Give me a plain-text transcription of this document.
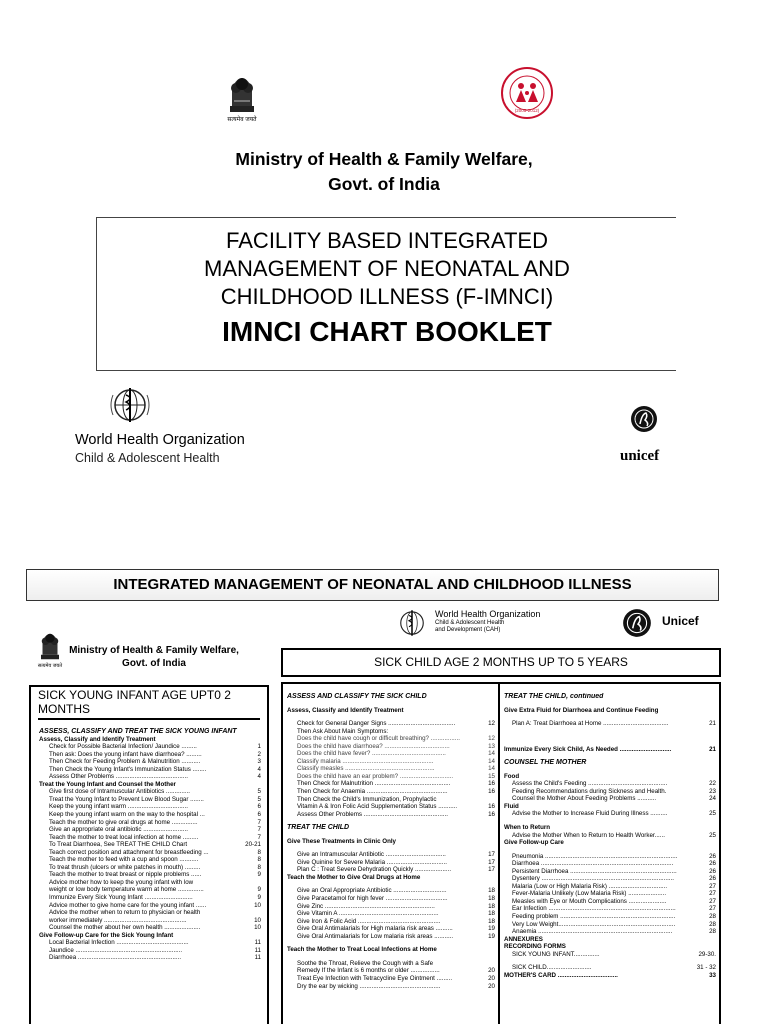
सत्यमेव जयते
(2005-2012)
Ministry of Health & Family Welfare,
Govt. of India
FACILITY BASED INTEGRATED
MANAGEMENT OF NEONATAL AND
CHILDHOOD ILLNESS (F-IMNCI)
IMNCI CHART BOOKLET
World Health Organization
Child & Adolescent Health	unicef
INTEGRATED MANAGEMENT OF NEONATAL AND CHILDHOOD ILLNESS
सत्यमेव जयते
Ministry of Health & Family Welfare,
Govt. of India
World Health Organization
Child & Adolescent Health
and Development (CAH)
Unicef
SICK CHILD AGE 2 MONTHS UP TO 5 YEARS
SICK YOUNG INFANT AGE UPT0 2 MONTHS
ASSESS, CLASSIFY AND TREAT THE SICK YOUNG INFANT
Assess, Classify and Identify Treatment
Check for Possible Bacterial Infection/ Jaundice .........	1
Then ask: Does the young infant have diarrhoea? .........	2
Then Check for Feeding Problem & Malnutrition ...........	3
Then Check the Young Infant's Immunization Status ........	4
Assess Other Problems ..........................................	4
Treat the Young Infant and Counsel the Mother
Give first dose of Intramuscular Antibiotics ..............	5
Treat the Young Infant to Prevent Low Blood Sugar ........	5
Keep the young infant warm ...................................	6
Keep the young infant warm on the way to the hospital ...	6
Teach the mother to give oral drugs at home ...............	7
Give an appropriate oral antibiotic ..........................	7
Teach the mother to treat local infection at home .........	7
To Treat Diarrhoea, See TREAT THE CHILD Chart	20-21
Teach correct position and attachment for breastfeeding ...	8
Teach the mother to feed with a cup and spoon ...........	8
To treat thrush (ulcers or white patches in mouth) .........	8
Teach the mother to treat breast or nipple problems ......	9
Advice mother how to keep the young infant with low
weight or low body temperature warm at home ...............	9
Immunize Every Sick Young Infant ............................	9
Advice mother to give home care for the young infant ......	10
Advice the mother when to return to physician or health
worker immediately ................................................	10
Counsel the mother about her own health .....................	10
Give Follow-up Care for the Sick Young Infant
Local Bacterial Infection ..........................................	11
Jaundice ..............................................................	11
Diarrhoea ............................................................	11
ASSESS AND CLASSIFY THE SICK CHILD
Assess, Classify and Identify Treatment
Check for General Danger Signs .......................................	12
Then Ask About Main Symptoms:
Does the child have cough or difficult breathing? .................	12
Does the child have diarrhoea? ......................................	13
Does the child have fever? ...........................................	14
Classify malaria .....................................................	14
Classify measles ....................................................	14
Does the child have an ear problem? ...............................	15
Then Check for Malnutrition ............................................	16
Then Check for Anaemia ...............................................	16
Then Check the Child's Immunization, Prophylactic
Vitamin A & Iron Folic Acid Supplementation Status ...........	16
Assess Other Problems .................................................	16
TREAT THE CHILD
Give These Treatments in Clinic Only
Give an Intramuscular Antibiotic ...................................	17
Give Quinine for Severe Malaria ...................................	17
Plan C : Treat Severe Dehydration Quickly .....................	17
Teach the Mother to Give Oral Drugs at Home
Give an Oral Appropriate Antibiotic ...............................	18
Give Paracetamol for high fever ....................................	18
Give Zinc ................................................................	18
Give Vitamin A ..........................................................	18
Give Iron & Folic Acid ................................................	18
Give Oral Antimalarials for High malaria risk areas ..........	19
Give Oral Antimalarials for Low malaria risk areas ...........	19
Teach the Mother to Treat Local Infections at Home
Soothe the Throat, Relieve the Cough with a Safe
Remedy If the Infant is 6 months or older .................	20
Treat Eye Infection with Tetracycline Eye Ointment .........	20
Dry the ear by wicking ...............................................	20
TREAT THE CHILD, continued
Give Extra Fluid for Diarrhoea and Continue Feeding
Plan A: Treat Diarrhoea at Home ......................................	21
Immunize Every Sick Child, As Needed ..............................	21
COUNSEL THE MOTHER
Food
Assess the Child's Feeding ..............................................	22
Feeding Recommendations during Sickness and Health.	23
Counsel the Mother About Feeding Problems ...........	24
Fluid
Advise the Mother to Increase Fluid During Illness ..........	25
When to Return
Advise the Mother When to Return to Health Worker......	25
Give Follow-up Care
Pneumonia .............................................................................	26
Diarrhoea .............................................................................	26
Persistent Diarrhoea ..............................................................	26
Dysentery .............................................................................	26
Malaria (Low or High Malaria Risk) ..................................	27
Fever-Malaria Unlikely (Low Malaria Risk) ......................	27
Measles with Eye or Mouth Complications ......................	27
Ear Infection ..........................................................................	27
Feeding problem ...................................................................	28
Very Low Weight....................................................................	28
Anaemia ..............................................................................	28
ANNEXURES
RECORDING FORMS
SICK YOUNG INFANT...............	29-30.
SICK CHILD..........................	31 - 32
MOTHER'S CARD ...................................	33
